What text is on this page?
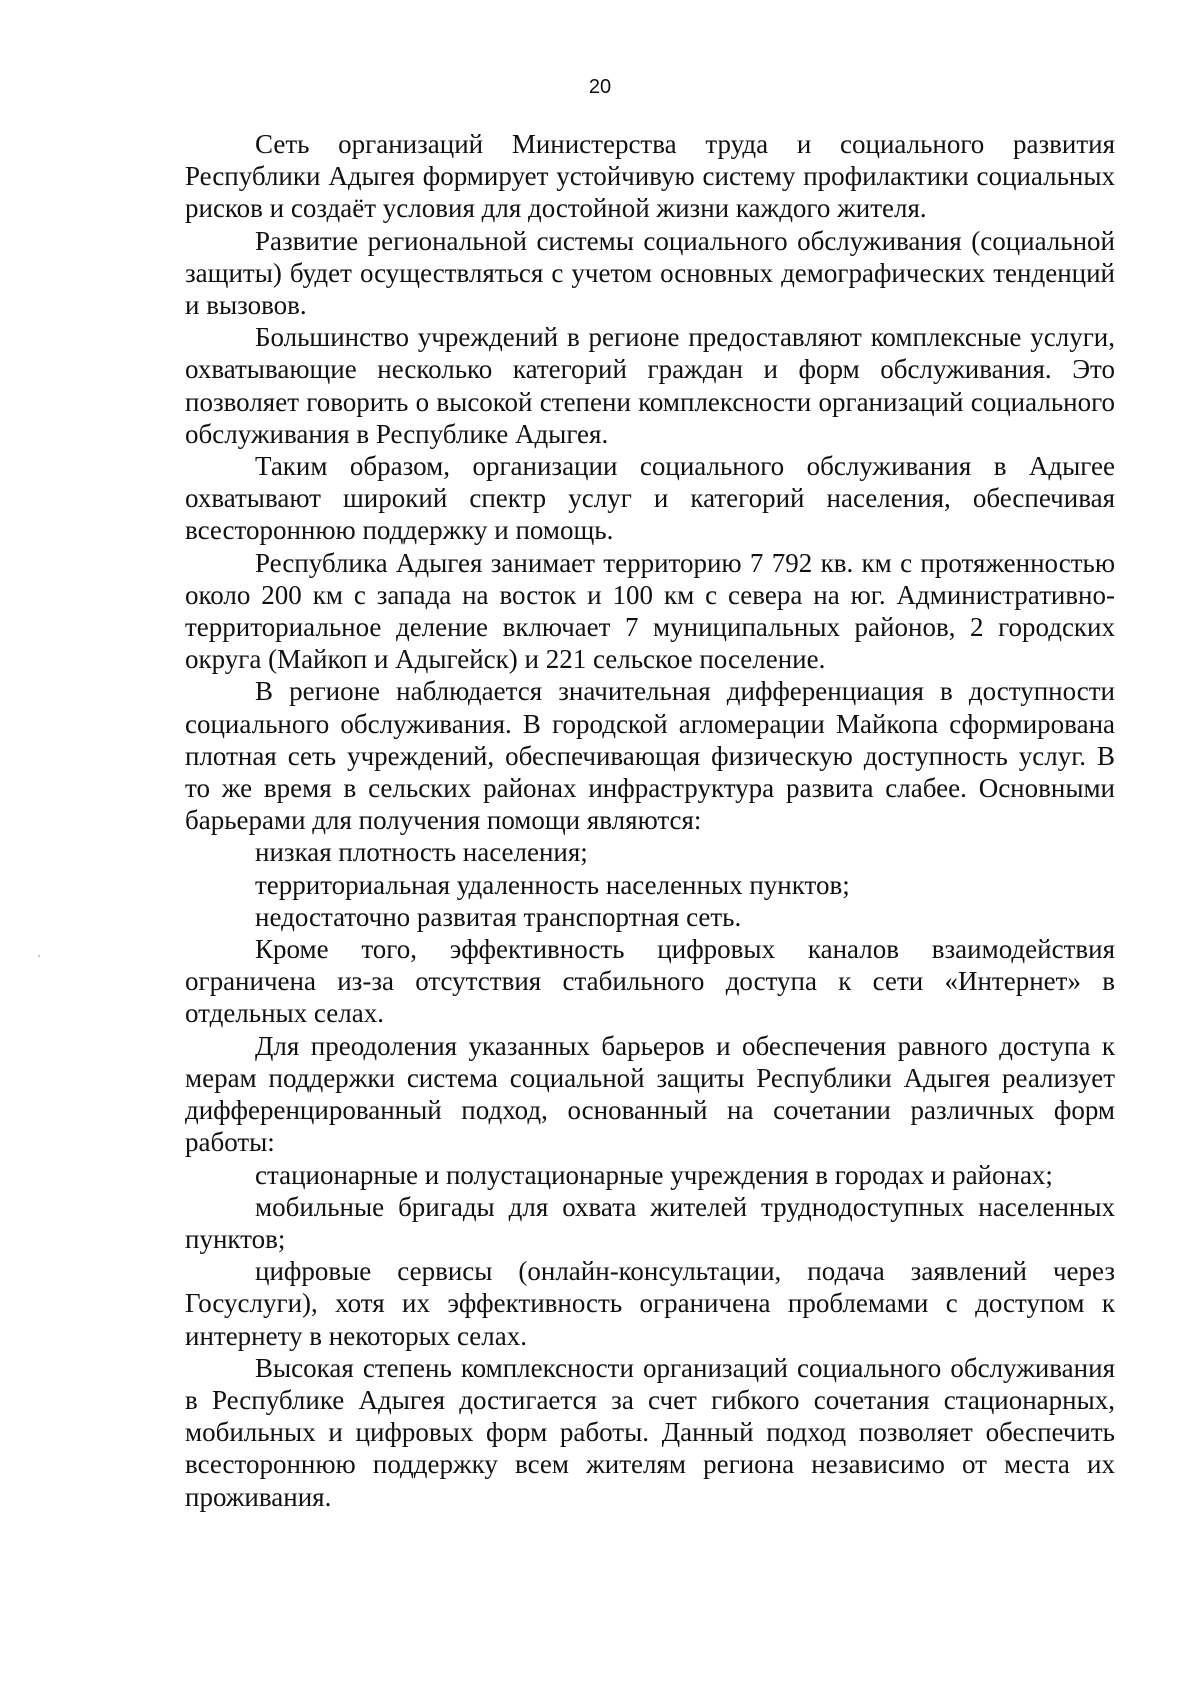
20

Сеть организаций Министерства труда и социального развития Республики Адыгея формирует устойчивую систему профилактики социальных рисков и создаёт условия для достойной жизни каждого жителя.

Развитие региональной системы социального обслуживания (социальной защиты) будет осуществляться с учетом основных демографических тенденций и вызовов.

Большинство учреждений в регионе предоставляют комплексные услуги, охватывающие несколько категорий граждан и форм обслуживания. Это позволяет говорить о высокой степени комплексности организаций социального обслуживания в Республике Адыгея.

Таким образом, организации социального обслуживания в Адыгее охватывают широкий спектр услуг и категорий населения, обеспечивая всестороннюю поддержку и помощь.

Республика Адыгея занимает территорию 7 792 кв. км с протяженностью около 200 км с запада на восток и 100 км с севера на юг. Административно-территориальное деление включает 7 муниципальных районов, 2 городских округа (Майкоп и Адыгейск) и 221 сельское поселение.

В регионе наблюдается значительная дифференциация в доступности социального обслуживания. В городской агломерации Майкопа сформирована плотная сеть учреждений, обеспечивающая физическую доступность услуг. В то же время в сельских районах инфраструктура развита слабее. Основными барьерами для получения помощи являются:

низкая плотность населения;

территориальная удаленность населенных пунктов;

недостаточно развитая транспортная сеть.

Кроме того, эффективность цифровых каналов взаимодействия ограничена из-за отсутствия стабильного доступа к сети «Интернет» в отдельных селах.

Для преодоления указанных барьеров и обеспечения равного доступа к мерам поддержки система социальной защиты Республики Адыгея реализует дифференцированный подход, основанный на сочетании различных форм работы:

стационарные и полустационарные учреждения в городах и районах;

мобильные бригады для охвата жителей труднодоступных населенных пунктов;

цифровые сервисы (онлайн-консультации, подача заявлений через Госуслуги), хотя их эффективность ограничена проблемами с доступом к интернету в некоторых селах.

Высокая степень комплексности организаций социального обслуживания в Республике Адыгея достигается за счет гибкого сочетания стационарных, мобильных и цифровых форм работы. Данный подход позволяет обеспечить всестороннюю поддержку всем жителям региона независимо от места их проживания.
